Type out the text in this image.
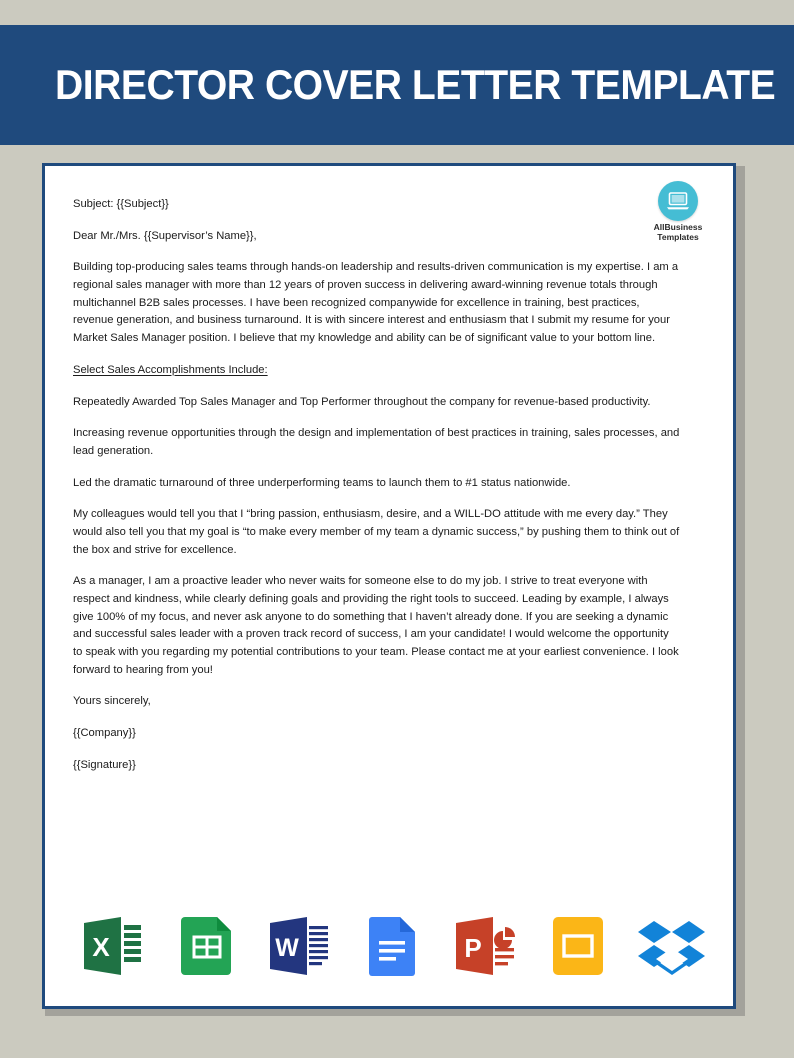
DIRECTOR COVER LETTER TEMPLATE
AllBusiness
Templates

Subject: {{Subject}}

Dear Mr./Mrs. {{Supervisor’s Name}},

Building top-producing sales teams through hands-on leadership and results-driven communication is my expertise. I am a regional sales manager with more than 12 years of proven success in delivering award-winning revenue totals through multichannel B2B sales processes. I have been recognized companywide for excellence in training, best practices, revenue generation, and business turnaround. It is with sincere interest and enthusiasm that I submit my resume for your Market Sales Manager position. I believe that my knowledge and ability can be of significant value to your bottom line.

Select Sales Accomplishments Include:

Repeatedly Awarded Top Sales Manager and Top Performer throughout the company for revenue-based productivity.

Increasing revenue opportunities through the design and implementation of best practices in training, sales processes, and lead generation.

Led the dramatic turnaround of three underperforming teams to launch them to #1 status nationwide.

My colleagues would tell you that I “bring passion, enthusiasm, desire, and a WILL-DO attitude with me every day.” They would also tell you that my goal is “to make every member of my team a dynamic success,” by pushing them to think out of the box and strive for excellence.

As a manager, I am a proactive leader who never waits for someone else to do my job. I strive to treat everyone with respect and kindness, while clearly defining goals and providing the right tools to succeed. Leading by example, I always give 100% of my focus, and never ask anyone to do something that I haven’t already done. If you are seeking a dynamic and successful sales leader with a proven track record of success, I am your candidate! I would welcome the opportunity to speak with you regarding my potential contributions to your team. Please contact me at your earliest convenience. I look forward to hearing from you!

Yours sincerely,

{{Company}}

{{Signature}}

X	W	P
